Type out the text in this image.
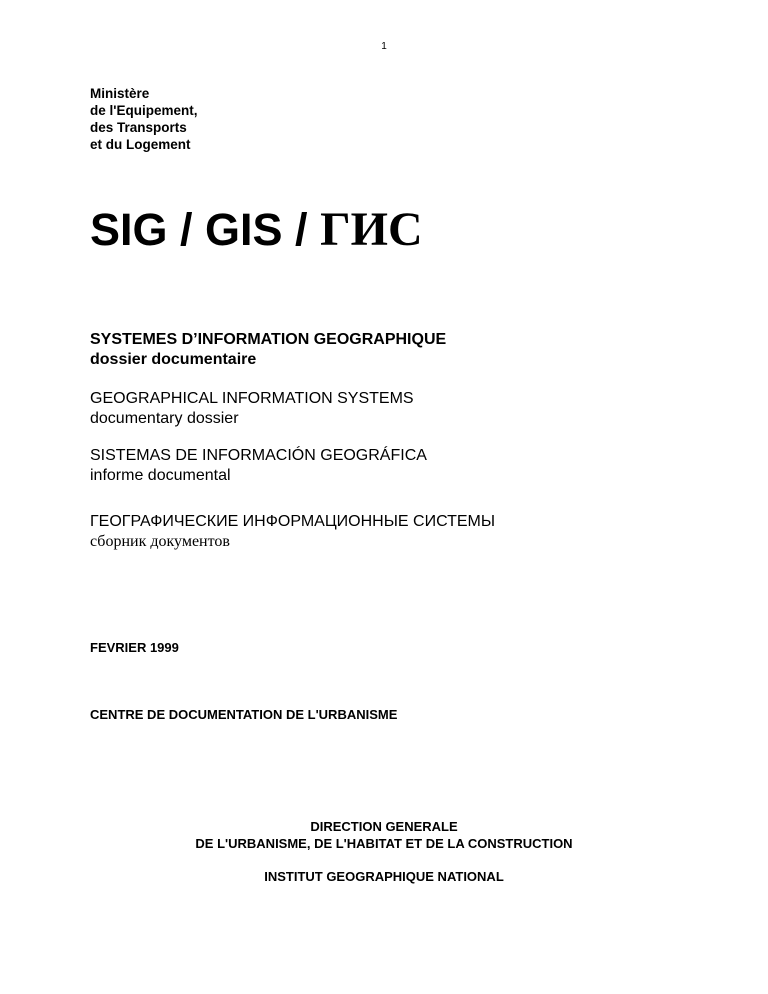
1
Ministère
de l'Equipement,
des Transports
et du Logement
SIG / GIS / ГИС
SYSTEMES D’INFORMATION GEOGRAPHIQUE
dossier documentaire
GEOGRAPHICAL INFORMATION SYSTEMS
documentary dossier
SISTEMAS DE INFORMACIÓN GEOGRÁFICA
informe documental
ГЕОГРАФИЧЕСКИЕ ИНФОРМАЦИОННЫЕ СИСТЕМЫ
сборник документов
FEVRIER 1999
CENTRE DE DOCUMENTATION DE L'URBANISME
DIRECTION GENERALE
DE L'URBANISME, DE L'HABITAT ET DE LA CONSTRUCTION
INSTITUT GEOGRAPHIQUE NATIONAL
